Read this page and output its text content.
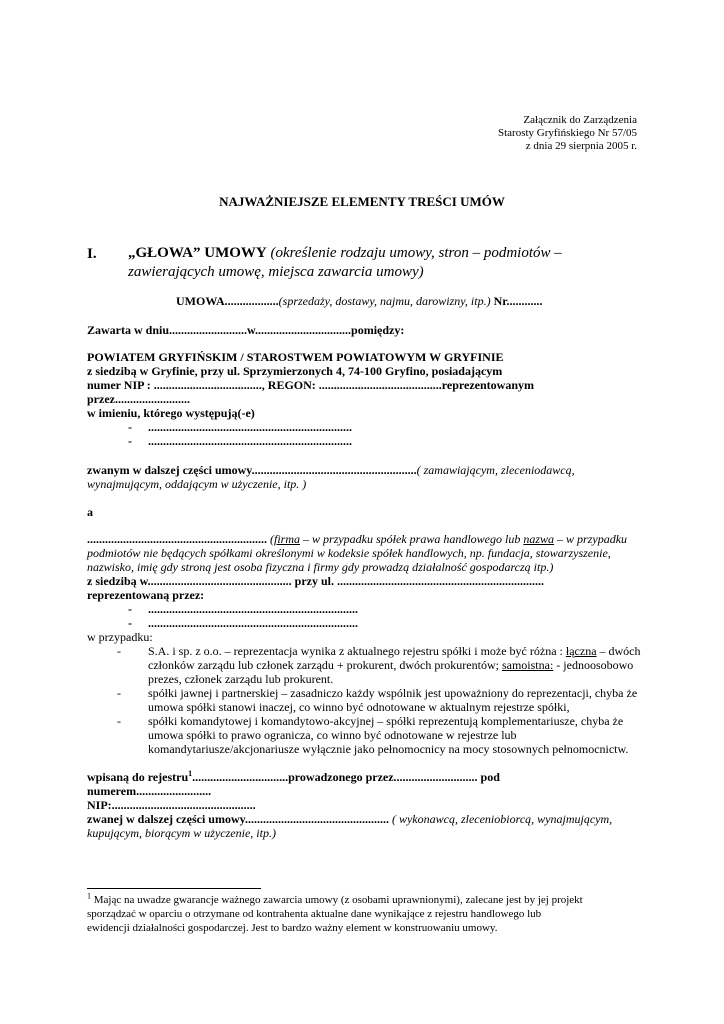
Załącznik do Zarządzenia
Starosty Gryfińskiego Nr 57/05
z dnia 29 sierpnia 2005 r.
NAJWAŻNIEJSZE ELEMENTY TREŚCI UMÓW
I. „GŁOWA” UMOWY (określenie rodzaju umowy, stron – podmiotów –
zawierających umowę, miejsca zawarcia umowy)
UMOWA..................(sprzedaży, dostawy, najmu, darowizny, itp.) Nr............
Zawarta w dniu..........................w................................pomiędzy:
POWIATEM GRYFIŃSKIM / STAROSTWEM POWIATOWYM W GRYFINIE
z siedzibą w Gryfinie, przy ul. Sprzymierzonych 4, 74-100 Gryfino, posiadającym
numer NIP : ...................................., REGON: .........................................reprezentowanym
przez.........................
w imieniu, którego występują(-e)
- ....................................................................
- ....................................................................
zwanym w dalszej części umowy.......................................................( zamawiającym, zleceniodawcą,
wynajmującym, oddającym w użyczenie, itp. )
a
............................................................ (firma – w przypadku spółek prawa handlowego lub nazwa – w przypadku
podmiotów nie będących spółkami określonymi w kodeksie spółek handlowych, np. fundacja, stowarzyszenie,
nazwisko, imię gdy stroną jest osoba fizyczna i firmy gdy prowadzą działalność gospodarczą itp.)
z siedzibą w................................................ przy ul. .....................................................................
reprezentowaną przez:
- ......................................................................
- ......................................................................
w przypadku:
- S.A. i sp. z o.o. – reprezentacja wynika z aktualnego rejestru spółki i może być różna : łączna – dwóch
członków zarządu lub członek zarządu + prokurent, dwóch prokurentów; samoistna: - jednoosobowo
prezes, członek zarządu lub prokurent.
- spółki jawnej i partnerskiej – zasadniczo każdy wspólnik jest upoważniony do reprezentacji, chyba że
umowa spółki stanowi inaczej, co winno być odnotowane w aktualnym rejestrze spółki,
- spółki komandytowej i komandytowo-akcyjnej – spółki reprezentują komplementariusze, chyba że
umowa spółki to prawo ogranicza, co winno być odnotowane w rejestrze lub
komandytariusze/akcjonariusze wyłącznie jako pełnomocnicy na mocy stosownych pełnomocnictw.
wpisaną do rejestru$^1$................................prowadzonego przez............................ pod
numerem.........................
NIP:................................................
zwanej w dalszej części umowy................................................ ( wykonawcą, zleceniobiorcą, wynajmującym,
kupującym, biorącym w użyczenie, itp.)
$^1$ Mając na uwadze gwarancje ważnego zawarcia umowy (z osobami uprawnionymi), zalecane jest by jej projekt
sporządzać w oparciu o otrzymane od kontrahenta aktualne dane wynikające z rejestru handlowego lub
ewidencji działalności gospodarczej. Jest to bardzo ważny element w konstruowaniu umowy.
